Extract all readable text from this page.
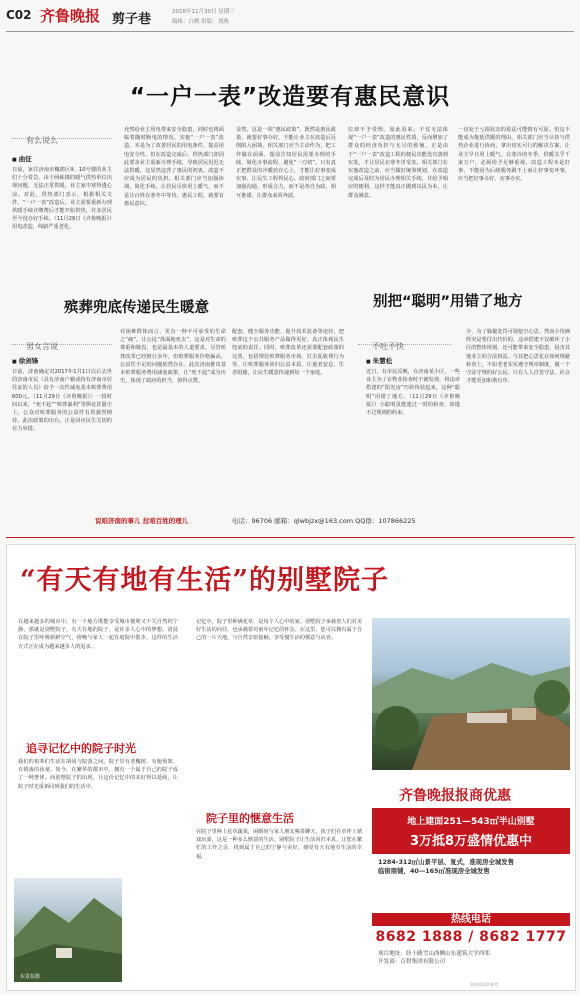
C02 齐鲁晚报 剪子巷	2016年11月30日 星期三
编辑：白鹤 组版：刘燕
“一户一表”改造要有惠民意识
有么说么
■ 曲征
日前，家住济南市槐荫区9、10号楼的业主们十分着急，由于两栋楼的暖气供热单位出现问题，无法正常供暖，业主家中寒得透心凉。对此，供热部门表示，根据相关文件，“一户一表”改造后，业主需要重新办理供暖手续并缴费后才能开始供热，许多居民至今没办好手续。（11月29日《齐鲁晚报》）用电改造，线路严重老化。
充然给业主用电带来安全隐患，同时也将面临着随时断电的情况。实施“一户一表”改造，本是为了改善居民的用电条件，提高用电安全性。但在改造完成后，供热部门却因此要求业主重新办理手续，导致居民迟迟无法供暖，这显然违背了惠民的初衷。改造不应成为居民的负担。相关部门应当加强协调，简化手续，让居民尽快用上暖气，而不是让百姓在寒冬中等待。惠民工程，就要有惠民意识。
显然，这是一项“惠民政策”。既然是惠民政策，就要好事办好，不能让业主在改造后反倒陷入困境。相关部门应当主动作为，把工作做在前面，提前告知居民需要办理的手续，简化办事流程，避免“一刀切”。只有真正把群众的冷暖放在心上，才能让好事变成实事，让民生工程得民心。政府部门之间要加强沟通，形成合力，而不是各自为政、相互推诿，让群众来回奔波。
位却不予受理。如此看来，不仅无法体现“一户一表”改造的惠民性质，反而增加了群众的经济负担与无尽的烦恼。正是由于“一户一表”改造工程的便民功能没有落到实处，才让居民在寒冬里受冻。相关部门在实施改造之前，应当做好统筹规划，在改造完成后及时为居民办理相关手续，并给予相应的便利，这样才能真正做到以民为本，让群众满意。
一直处于亏损状态的说法可能情有可原。但这不能成为拖延供暖的理由。相关部门应当尽快与供热企业进行协商，拿出切实可行的解决方案，让业主早日用上暖气。在寒冷的冬季，供暖关乎千家万户，必须给予足够重视。改造工程本是好事，不能因为后续服务跟不上而让好事变坏事，应当把好事办好、实事办实。
殡葬兜底传递民生暖意	别把“聪明”用错了地方
男女言说
■ 徐剑锋
日前，济南确定对2017年1月1日以后去世的济南市民（具有济南户籍或持有济南市居住证的人员）给予一次性减免基本殡葬费用600元。（11月29日《齐鲁晚报》）一段时间以来，“死不起”“殡葬暴利”等舆论甚嚣尘上，公众对殡葬服务的公益性有着强烈期待。此次政策的出台，正是回应民生关切的有力举措。
对困难群体而言，更有一种不可承受的生命之“痛”。让公民“体面地死去”，这是对生命的尊重和敬畏，也是最基本的人道要求。尽管殡葬改革已经推行多年，但殡葬服务价格偏高、公益性不足的问题依然存在。此次济南推出基本殡葬服务费用减免政策，让“死不起”成为历史，体现了政府的担当，值得点赞。
配套、健全服务功能、提升技术装备等途径，把殡葬这个公共服务产品做得更好，真正体现民生兜底的责任。同时，殡葬改革还需要配套政策的完善，包括规范殡葬服务市场、打击乱收费行为等，让殡葬服务回归公益本质，让逝者安息、生者慰藉，让民生暖意传递到每一个家庭。
不吐不快
■ 朱慧松
近日，有市民反映，在济南某小区，一些业主为了在物业检查时不被发现，将违章搭建的“阳光房”巧妙伪装起来，这种“聪明”用错了地方。（11月29日《齐鲁晚报》）小聪明虽能逃过一时的检查，却逃不过规则的约束。
少，为了躲避处罚可谓挖空心思。然而小伎俩终究是要付出代价的。违章搭建不仅破坏了小区的整体规划，还可能带来安全隐患，侵害其他业主的合法权益。与其把心思花在如何规避检查上，不如老老实实遵守规章制度，做一个守法守规的好公民。只有人人自觉守法，社会才能更加和谐有序。
说咱济南的事儿 拉咱百姓的理儿	电话：96706 邮箱：qlwbjzx@163.com QQ群：107866225
“有天有地有生活”的别墅院子
在越来越多的城市中，有一个地方既能享受城市便利又不失自然的宁静，那就是别墅院子。有天有地的院子，是许多人心中的梦想。清晨在院子里呼吸新鲜空气，傍晚与家人一起在庭院中散步，这样的生活方式正在成为越来越多人的追求。
记忆中，院子里种满花草，是每个人心中的家。别墅院子承载着人们对美好生活的向往，也承载着对童年记忆的怀念。在这里，您可以拥有属于自己的一片天地，与自然亲密接触，享受慢生活的惬意与从容。
追寻记忆中的院子时光
我们的祖辈们生活在胡同与院落之间，院子里有老槐树、有葡萄架、有嬉戏的孩童。如今，在繁华的都市中，拥有一个属于自己的院子成了一种奢侈。而别墅院子的出现，让这份记忆中的美好得以延续，让院子时光重新回到我们的生活中。
院子里的惬意生活
在院子里种上花草蔬果，闲暇时与家人朋友喝茶聊天，孩子们在草坪上嬉戏玩耍，这是一种多么惬意的生活。别墅院子让生活回归本真，让您在繁忙的工作之余，找到属于自己的宁静与美好，感受有天有地有生活的幸福。
实景拍摄
齐鲁晚报报商优惠
地上建面251—543㎡半山别墅
3万抵8万盛情优惠中
1284-312㎡山景平层、复式，准现房全城发售
临街商铺，40—165㎡准现房全城发售
热线电话
8682 1888 / 8682 1777
项目地址：经十路雪山西侧山东建筑大学西邻
开发商：百督集团有限公司
效果图仅供参考
